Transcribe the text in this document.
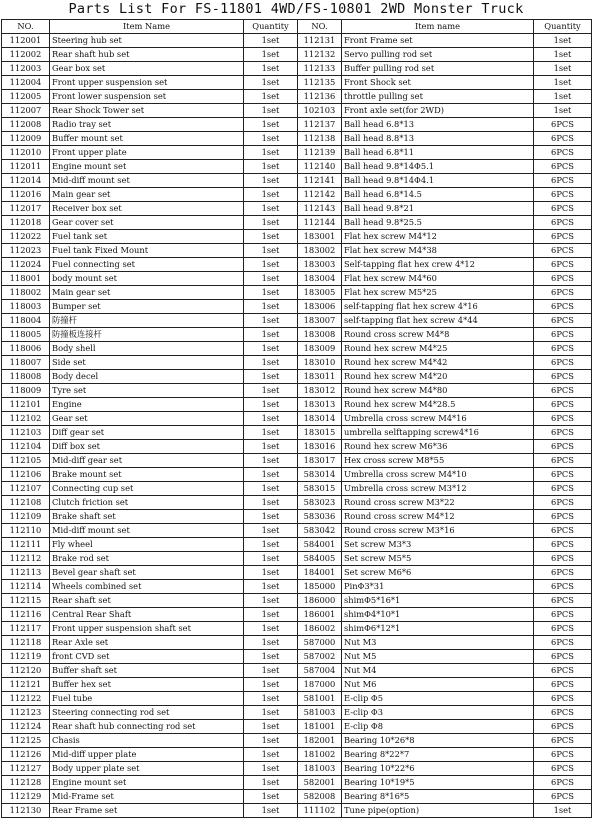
Parts List For FS-11801 4WD/FS-10801 2WD Monster Truck
NO.	Item Name	Quantity	NO.	Item name	Quantity
112001	Steering hub set	1set	112131	Front Frame set	1set
112002	Rear shaft hub set	1set	112132	Servo pulling rod set	1set
112003	Gear box set	1set	112133	Buffer pulling rod set	1set
112004	Front upper suspension set	1set	112135	Front Shock set	1set
112005	Front lower suspension set	1set	112136	throttle pulling set	1set
112007	Rear Shock Tower set	1set	102103	Front axle set(for 2WD)	1set
112008	Radio tray set	1set	112137	Ball head 6.8*13	6PCS
112009	Buffer mount set	1set	112138	Ball head 8.8*13	6PCS
112010	Front upper plate	1set	112139	Ball head 6.8*11	6PCS
112011	Engine mount set	1set	112140	Ball head 9.8*14Φ5.1	6PCS
112014	Mid-diff mount set	1set	112141	Ball head 9.8*14Φ4.1	6PCS
112016	Main gear set	1set	112142	Ball head 6.8*14.5	6PCS
112017	Receiver box set	1set	112143	Ball head 9.8*21	6PCS
112018	Gear cover set	1set	112144	Ball head 9.8*25.5	6PCS
112022	Fuel tank set	1set	183001	Flat hex screw M4*12	6PCS
112023	Fuel tank Fixed Mount	1set	183002	Flat hex screw M4*38	6PCS
112024	Fuel connecting set	1set	183003	Self-tapping flat hex crew 4*12	6PCS
118001	body mount set	1set	183004	Flat hex screw M4*60	6PCS
118002	Main gear set	1set	183005	Flat hex screw M5*25	6PCS
118003	Bumper set	1set	183006	self-tapping flat hex screw 4*16	6PCS
118004	防撞杆	1set	183007	self-tapping flat hex screw 4*44	6PCS
118005	防撞板连接杆	1set	183008	Round cross screw M4*8	6PCS
118006	Body shell	1set	183009	Round hex screw M4*25	6PCS
118007	Side set	1set	183010	Round hex screw M4*42	6PCS
118008	Body decel	1set	183011	Round hex screw M4*20	6PCS
118009	Tyre set	1set	183012	Round hex screw M4*80	6PCS
112101	Engine	1set	183013	Round hex screw M4*28.5	6PCS
112102	Gear set	1set	183014	Umbrella cross screw M4*16	6PCS
112103	Diff gear set	1set	183015	umbrella selftapping screw4*16	6PCS
112104	Diff box set	1set	183016	Round hex screw M6*36	6PCS
112105	Mid-diff gear set	1set	183017	Hex cross screw M8*55	6PCS
112106	Brake mount set	1set	583014	Umbrella cross screw M4*10	6PCS
112107	Connecting cup set	1set	583015	Umbrella cross screw M3*12	6PCS
112108	Clutch friction set	1set	583023	Round cross screw M3*22	6PCS
112109	Brake shaft set	1set	583036	Round cross screw M4*12	6PCS
112110	Mid-diff mount set	1set	583042	Round cross screw M3*16	6PCS
112111	Fly wheel	1set	584001	Set screw M3*3	6PCS
112112	Brake rod set	1set	584005	Set screw M5*5	6PCS
112113	Bevel gear shaft set	1set	184001	Set screw M6*6	6PCS
112114	Wheels combined set	1set	185000	PinΦ3*31	6PCS
112115	Rear shaft set	1set	186000	shimΦ5*16*1	6PCS
112116	Central Rear Shaft	1set	186001	shimΦ4*10*1	6PCS
112117	Front upper suspension shaft set	1set	186002	shimΦ6*12*1	6PCS
112118	Rear Axle set	1set	587000	Nut M3	6PCS
112119	front CVD set	1set	587002	Nut M5	6PCS
112120	Buffer shaft set	1set	587004	Nut M4	6PCS
112121	Buffer hex set	1set	187000	Nut M6	6PCS
112122	Fuel tube	1set	581001	E-clip Φ5	6PCS
112123	Steering connecting rod set	1set	581003	E-clip Φ3	6PCS
112124	Rear shaft hub connecting rod set	1set	181001	E-clip Φ8	6PCS
112125	Chasis	1set	182001	Bearing 10*26*8	6PCS
112126	Mid-diff upper plate	1set	181002	Bearing 8*22*7	6PCS
112127	Body upper plate set	1set	181003	Bearing 10*22*6	6PCS
112128	Engine mount set	1set	582001	Bearing 10*19*5	6PCS
112129	Mid-Frame set	1set	582008	Bearing 8*16*5	6PCS
112130	Rear Frame set	1set	111102	Tune pipe(option)	1set
